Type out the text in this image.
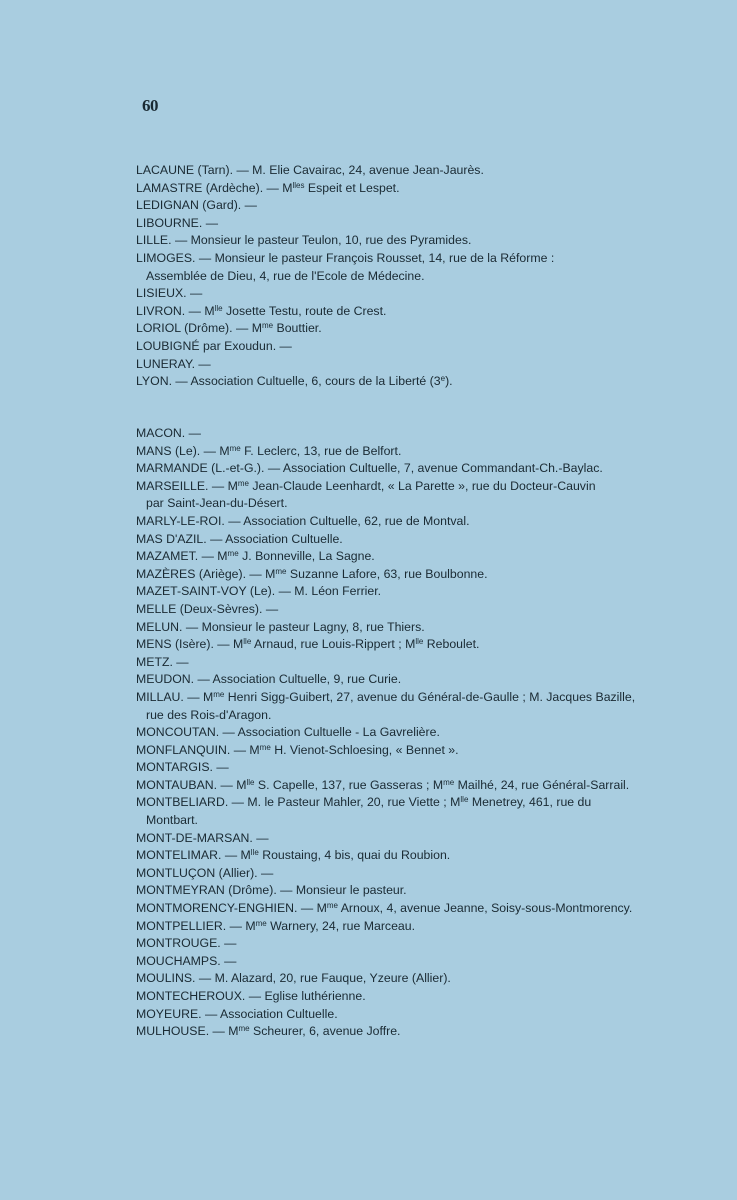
60
LACAUNE (Tarn). — M. Elie Cavairac, 24, avenue Jean-Jaurès.
LAMASTRE (Ardèche). — $M^{lles}$ Espeit et Lespet.
LEDIGNAN (Gard). —
LIBOURNE. —
LILLE. — Monsieur le pasteur Teulon, 10, rue des Pyramides.
LIMOGES. — Monsieur le pasteur François Rousset, 14, rue de la Réforme :
Assemblée de Dieu, 4, rue de l'Ecole de Médecine.
LISIEUX. —
LIVRON. — $M^{lle}$ Josette Testu, route de Crest.
LORIOL (Drôme). — $M^{me}$ Bouttier.
LOUBIGNÉ par Exoudun. —
LUNERAY. —
LYON. — Association Cultuelle, 6, cours de la Liberté (3e).
MACON. —
MANS (Le). — $M^{me}$ F. Leclerc, 13, rue de Belfort.
MARMANDE (L.-et-G.). — Association Cultuelle, 7, avenue Commandant-Ch.-Baylac.
MARSEILLE. — $M^{me}$ Jean-Claude Leenhardt, « La Parette », rue du Docteur-Cauvin
par Saint-Jean-du-Désert.
MARLY-LE-ROI. — Association Cultuelle, 62, rue de Montval.
MAS D'AZIL. — Association Cultuelle.
MAZAMET. — $M^{me}$ J. Bonneville, La Sagne.
MAZÈRES (Ariège). — $M^{me}$ Suzanne Lafore, 63, rue Boulbonne.
MAZET-SAINT-VOY (Le). — M. Léon Ferrier.
MELLE (Deux-Sèvres). —
MELUN. — Monsieur le pasteur Lagny, 8, rue Thiers.
MENS (Isère). — $M^{lle}$ Arnaud, rue Louis-Rippert ; $M^{lle}$ Reboulet.
METZ. —
MEUDON. — Association Cultuelle, 9, rue Curie.
MILLAU. — $M^{me}$ Henri Sigg-Guibert, 27, avenue du Général-de-Gaulle ; M. Jacques Bazille,
rue des Rois-d'Aragon.
MONCOUTAN. — Association Cultuelle - La Gavrelière.
MONFLANQUIN. — $M^{me}$ H. Vienot-Schloesing, « Bennet ».
MONTARGIS. —
MONTAUBAN. — $M^{lle}$ S. Capelle, 137, rue Gasseras ; $M^{me}$ Mailhé, 24, rue Général-Sarrail.
MONTBELIARD. — M. le Pasteur Mahler, 20, rue Viette ; $M^{lle}$ Menetrey, 461, rue du
Montbart.
MONT-DE-MARSAN. —
MONTELIMAR. — $M^{lle}$ Roustaing, 4 bis, quai du Roubion.
MONTLUÇON (Allier). —
MONTMEYRAN (Drôme). — Monsieur le pasteur.
MONTMORENCY-ENGHIEN. — $M^{me}$ Arnoux, 4, avenue Jeanne, Soisy-sous-Montmorency.
MONTPELLIER. — $M^{me}$ Warnery, 24, rue Marceau.
MONTROUGE. —
MOUCHAMPS. —
MOULINS. — M. Alazard, 20, rue Fauque, Yzeure (Allier).
MONTECHEROUX. — Eglise luthérienne.
MOYEURE. — Association Cultuelle.
MULHOUSE. — $M^{me}$ Scheurer, 6, avenue Joffre.
